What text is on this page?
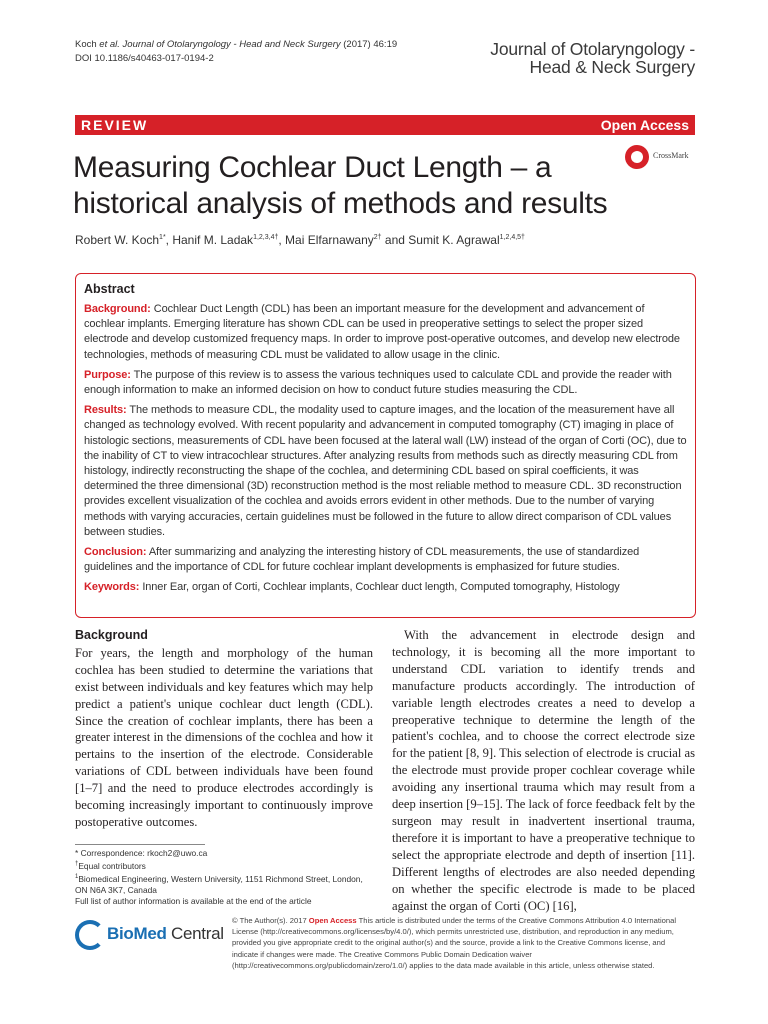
Koch et al. Journal of Otolaryngology - Head and Neck Surgery (2017) 46:19
DOI 10.1186/s40463-017-0194-2	Journal of Otolaryngology -
Head & Neck Surgery
REVIEW	Open Access
Measuring Cochlear Duct Length – a historical analysis of methods and results
CrossMark
Robert W. Koch$^{1*}$, Hanif M. Ladak$^{1,2,3,4\dagger}$, Mai Elfarnawany$^{2\dagger}$ and Sumit K. Agrawal$^{1,2,4,5\dagger}$
Abstract

Background: Cochlear Duct Length (CDL) has been an important measure for the development and advancement of cochlear implants. Emerging literature has shown CDL can be used in preoperative settings to select the proper sized electrode and develop customized frequency maps. In order to improve post-operative outcomes, and develop new electrode technologies, methods of measuring CDL must be validated to allow usage in the clinic.

Purpose: The purpose of this review is to assess the various techniques used to calculate CDL and provide the reader with enough information to make an informed decision on how to conduct future studies measuring the CDL.

Results: The methods to measure CDL, the modality used to capture images, and the location of the measurement have all changed as technology evolved. With recent popularity and advancement in computed tomography (CT) imaging in place of histologic sections, measurements of CDL have been focused at the lateral wall (LW) instead of the organ of Corti (OC), due to the inability of CT to view intracochlear structures. After analyzing results from methods such as directly measuring CDL from histology, indirectly reconstructing the shape of the cochlea, and determining CDL based on spiral coefficients, it was determined the three dimensional (3D) reconstruction method is the most reliable method to measure CDL. 3D reconstruction provides excellent visualization of the cochlea and avoids errors evident in other methods. Due to the number of varying methods with varying accuracies, certain guidelines must be followed in the future to allow direct comparison of CDL values between studies.

Conclusion: After summarizing and analyzing the interesting history of CDL measurements, the use of standardized guidelines and the importance of CDL for future cochlear implant developments is emphasized for future studies.

Keywords: Inner Ear, organ of Corti, Cochlear implants, Cochlear duct length, Computed tomography, Histology

Background

For years, the length and morphology of the human cochlea has been studied to determine the variations that exist between individuals and key features which may help predict a patient's unique cochlear duct length (CDL). Since the creation of cochlear implants, there has been a greater interest in the dimensions of the cochlea and how it pertains to the insertion of the electrode. Considerable variations of CDL between individuals have been found [1–7] and the need to produce electrodes accordingly is becoming increasingly important to continuously improve postoperative outcomes.

With the advancement in electrode design and technology, it is becoming all the more important to understand CDL variation to identify trends and manufacture products accordingly. The introduction of variable length electrodes creates a need to develop a preoperative technique to determine the length of the patient's cochlea, and to choose the correct electrode size for the patient [8, 9]. This selection of electrode is crucial as the electrode must provide proper cochlear coverage while avoiding any insertional trauma which may result from a deep insertion [9–15]. The lack of force feedback felt by the surgeon may result in inadvertent insertional trauma, therefore it is important to have a preoperative technique to select the appropriate electrode and depth of insertion [11]. Different lengths of electrodes are also needed depending on whether the specific electrode is made to be placed against the organ of Corti (OC) [16],

* Correspondence: rkoch2@uwo.ca
†Equal contributors
$^1$Biomedical Engineering, Western University, 1151 Richmond Street, London, ON N6A 3K7, Canada
Full list of author information is available at the end of the article
BioMed Central
© The Author(s). 2017 Open Access This article is distributed under the terms of the Creative Commons Attribution 4.0 International License (http://creativecommons.org/licenses/by/4.0/), which permits unrestricted use, distribution, and reproduction in any medium, provided you give appropriate credit to the original author(s) and the source, provide a link to the Creative Commons license, and indicate if changes were made. The Creative Commons Public Domain Dedication waiver (http://creativecommons.org/publicdomain/zero/1.0/) applies to the data made available in this article, unless otherwise stated.
